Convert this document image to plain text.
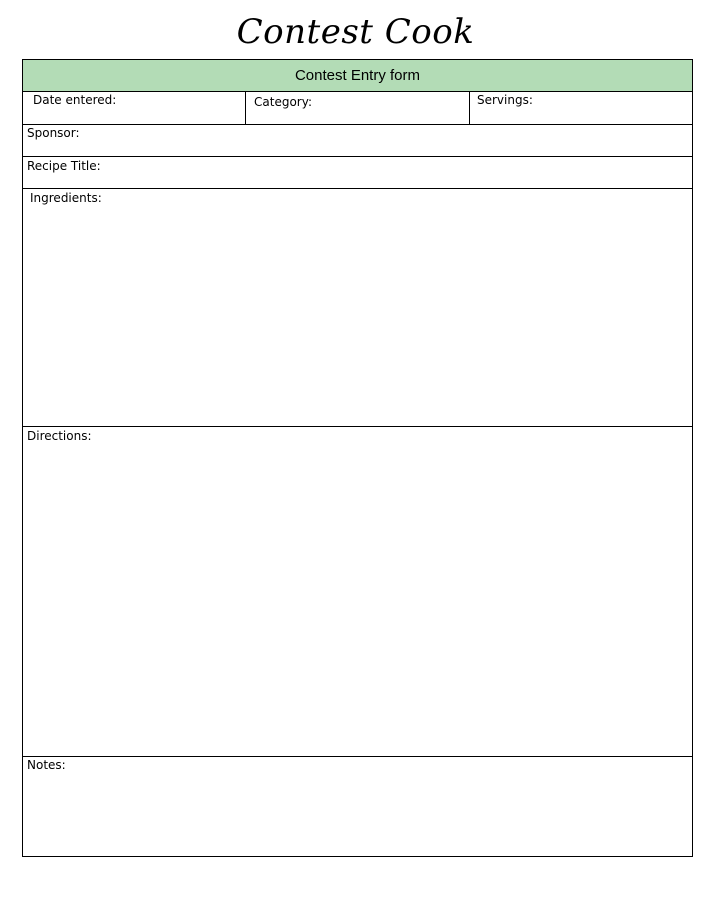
Contest Cook
Contest Entry form
Date entered:	Category:	Servings:
Sponsor:
Recipe Title:
Ingredients:
Directions:
Notes:
